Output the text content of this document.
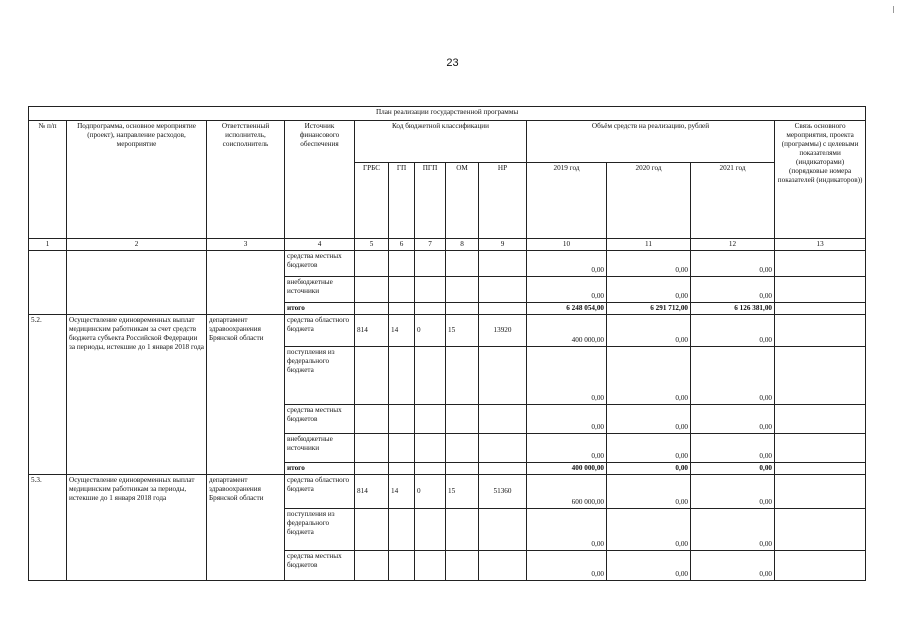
23
План реализации государственной программы												
№ п/п	Подпрограмма, основное мероприятие (проект), направление расходов, мероприятие	Ответственный исполнитель, соисполнитель	Источник финансового обеспечения	Код бюджетной классификации					Объём средств на реализацию, рублей			Связь основного мероприятия, проекта (программы) с целевыми показателями (индикаторами) (порядковые номера показателей (индикаторов))
				ГРБС	ГП	ПГП	ОМ	НР	2019 год	2020 год	2021 год	
1	2	3	4	5	6	7	8	9	10	11	12	13
			средства местных бюджетов						0,00	0,00	0,00	
			внебюджетные источники						0,00	0,00	0,00	
			итого						6 248 054,00	6 291 712,00	6 126 381,00	
5.2.	Осуществление единовременных выплат медицинским работникам за счет средств бюджета субъекта Российской Федерации за периоды, истекшие до 1 января 2018 года	департамент здравоохранения Брянской области	средства областного бюджета	814	14	0	15	13920	400 000,00	0,00	0,00	
			поступления из федерального бюджета						0,00	0,00	0,00	
			средства местных бюджетов						0,00	0,00	0,00	
			внебюджетные источники						0,00	0,00	0,00	
			итого						400 000,00	0,00	0,00	
5.3.	Осуществление единовременных выплат медицинским работникам за периоды, истекшие до 1 января 2018 года	департамент здравоохранения Брянской области	средства областного бюджета	814	14	0	15	51360	600 000,00	0,00	0,00	
			поступления из федерального бюджета						0,00	0,00	0,00	
			средства местных бюджетов						0,00	0,00	0,00	
